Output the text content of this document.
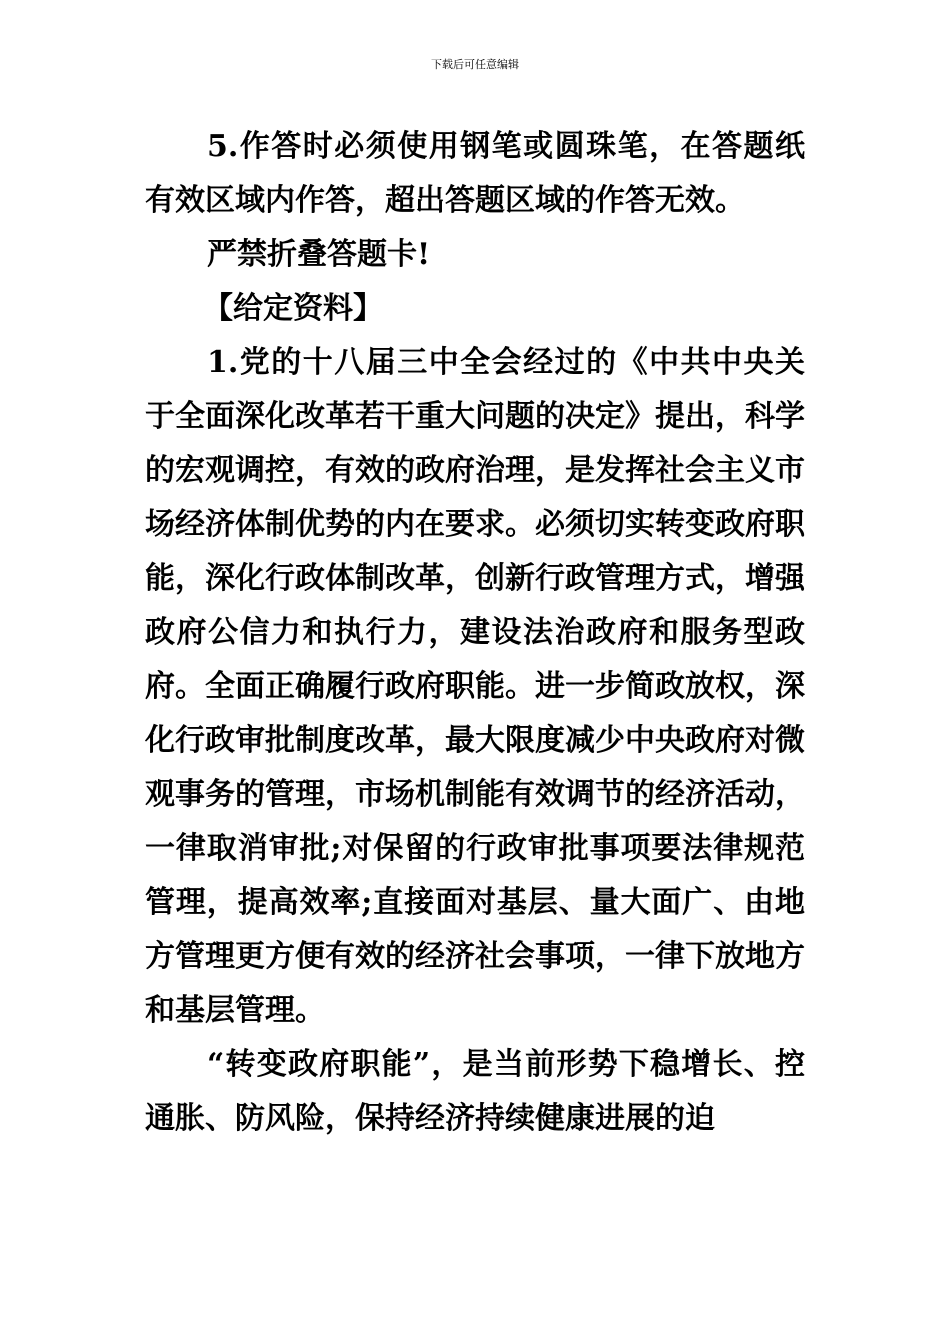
下载后可任意编辑

5.作答时必须使用钢笔或圆珠笔，在答题纸有效区域内作答，超出答题区域的作答无效。

严禁折叠答题卡!

【给定资料】

1.党的十八届三中全会经过的《中共中央关于全面深化改革若干重大问题的决定》提出，科学的宏观调控，有效的政府治理，是发挥社会主义市场经济体制优势的内在要求。必须切实转变政府职能，深化行政体制改革，创新行政管理方式，增强政府公信力和执行力，建设法治政府和服务型政府。全面正确履行政府职能。进一步简政放权，深化行政审批制度改革，最大限度减少中央政府对微观事务的管理，市场机制能有效调节的经济活动，一律取消审批;对保留的行政审批事项要法律规范管理，提高效率;直接面对基层、量大面广、由地方管理更方便有效的经济社会事项，一律下放地方和基层管理。

“转变政府职能”，是当前形势下稳增长、控通胀、防风险，保持经济持续健康进展的迫
